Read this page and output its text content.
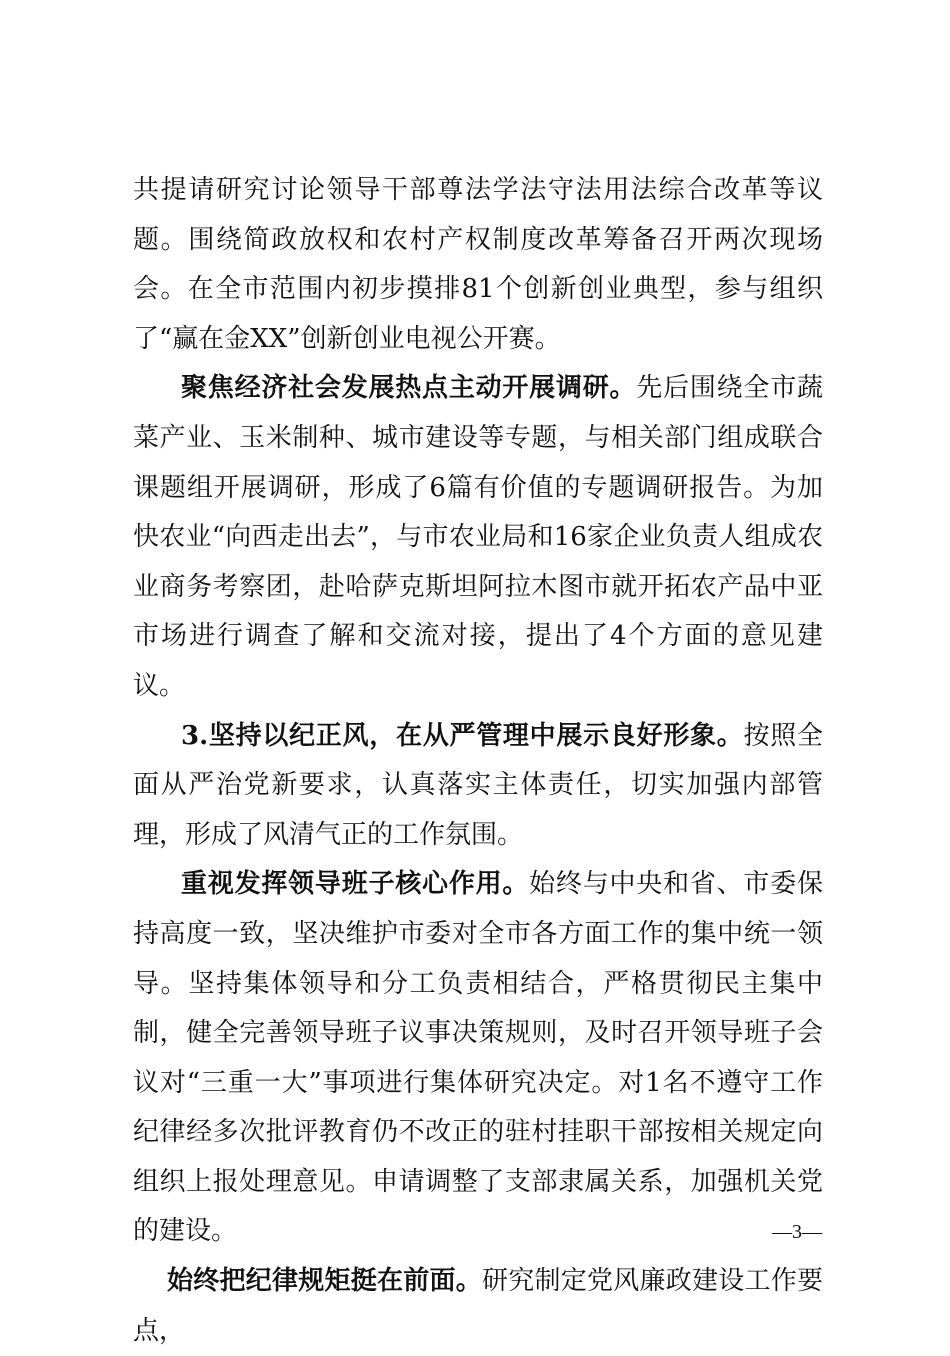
共提请研究讨论领导干部尊法学法守法用法综合改革等议题。围绕简政放权和农村产权制度改革筹备召开两次现场会。在全市范围内初步摸排81个创新创业典型，参与组织了“赢在金XX”创新创业电视公开赛。

聚焦经济社会发展热点主动开展调研。先后围绕全市蔬菜产业、玉米制种、城市建设等专题，与相关部门组成联合课题组开展调研，形成了6篇有价值的专题调研报告。为加快农业“向西走出去”，与市农业局和16家企业负责人组成农业商务考察团，赴哈萨克斯坦阿拉木图市就开拓农产品中亚市场进行调查了解和交流对接，提出了4个方面的意见建议。

3.坚持以纪正风，在从严管理中展示良好形象。按照全面从严治党新要求，认真落实主体责任，切实加强内部管理，形成了风清气正的工作氛围。

重视发挥领导班子核心作用。始终与中央和省、市委保持高度一致，坚决维护市委对全市各方面工作的集中统一领导。坚持集体领导和分工负责相结合，严格贯彻民主集中制，健全完善领导班子议事决策规则，及时召开领导班子会议对“三重一大”事项进行集体研究决定。对1名不遵守工作纪律经多次批评教育仍不改正的驻村挂职干部按相关规定向组织上报处理意见。申请调整了支部隶属关系，加强机关党的建设。

始终把纪律规矩挺在前面。研究制定党风廉政建设工作要点，

—3—
